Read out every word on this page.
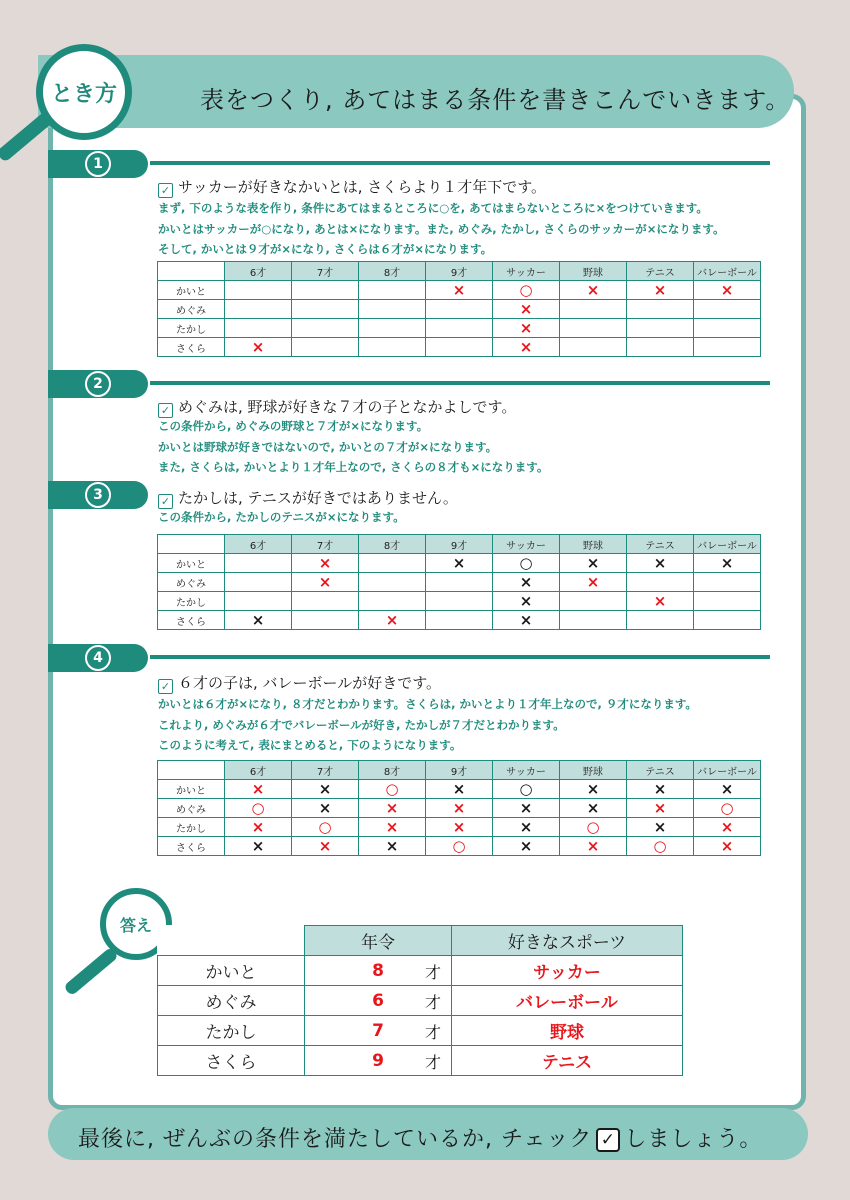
表をつくり, あてはまる条件を書きこんでいきます。
とき方
1
✓ サッカーが好きなかいとは, さくらより１才年下です。
まず, 下のような表を作り, 条件にあてはまるところに○を, あてはまらないところに×をつけていきます。
かいとはサッカーが○になり, あとは×になります。また, めぐみ, たかし, さくらのサッカーが×になります。
そして, かいとは９才が×になり, さくらは６才が×になります。
	6才	7才	8才	9才	サッカー	野球	テニス	バレーボール
かいと				×	○	×	×	×
めぐみ					×			
たかし					×			
さくら	×				×			
2
✓ めぐみは, 野球が好きな７才の子となかよしです。
この条件から, めぐみの野球と７才が×になります。
かいとは野球が好きではないので, かいとの７才が×になります。
また, さくらは, かいとより１才年上なので, さくらの８才も×になります。
3	✓ たかしは, テニスが好きではありません。
この条件から, たかしのテニスが×になります。
	6才	7才	8才	9才	サッカー	野球	テニス	バレーボール
かいと		×		×	○	×	×	×
めぐみ		×			×	×		
たかし					×		×	
さくら	×		×		×			
4
✓ ６才の子は, バレーボールが好きです。
かいとは６才が×になり, ８才だとわかります。さくらは, かいとより１才年上なので, ９才になります。
これより, めぐみが６才でバレーボールが好き, たかしが７才だとわかります。
このように考えて, 表にまとめると, 下のようになります。
	6才	7才	8才	9才	サッカー	野球	テニス	バレーボール
かいと	×	×	○	×	○	×	×	×
めぐみ	○	×	×	×	×	×	×	○
たかし	×	○	×	×	×	○	×	×
さくら	×	×	×	○	×	×	○	×
答え
	年令	好きなスポーツ
かいと	8 才	サッカー
めぐみ	6 才	バレーボール
たかし	7 才	野球
さくら	9 才	テニス
最後に, ぜんぶの条件を満たしているか, チェック ✓ しましょう。
